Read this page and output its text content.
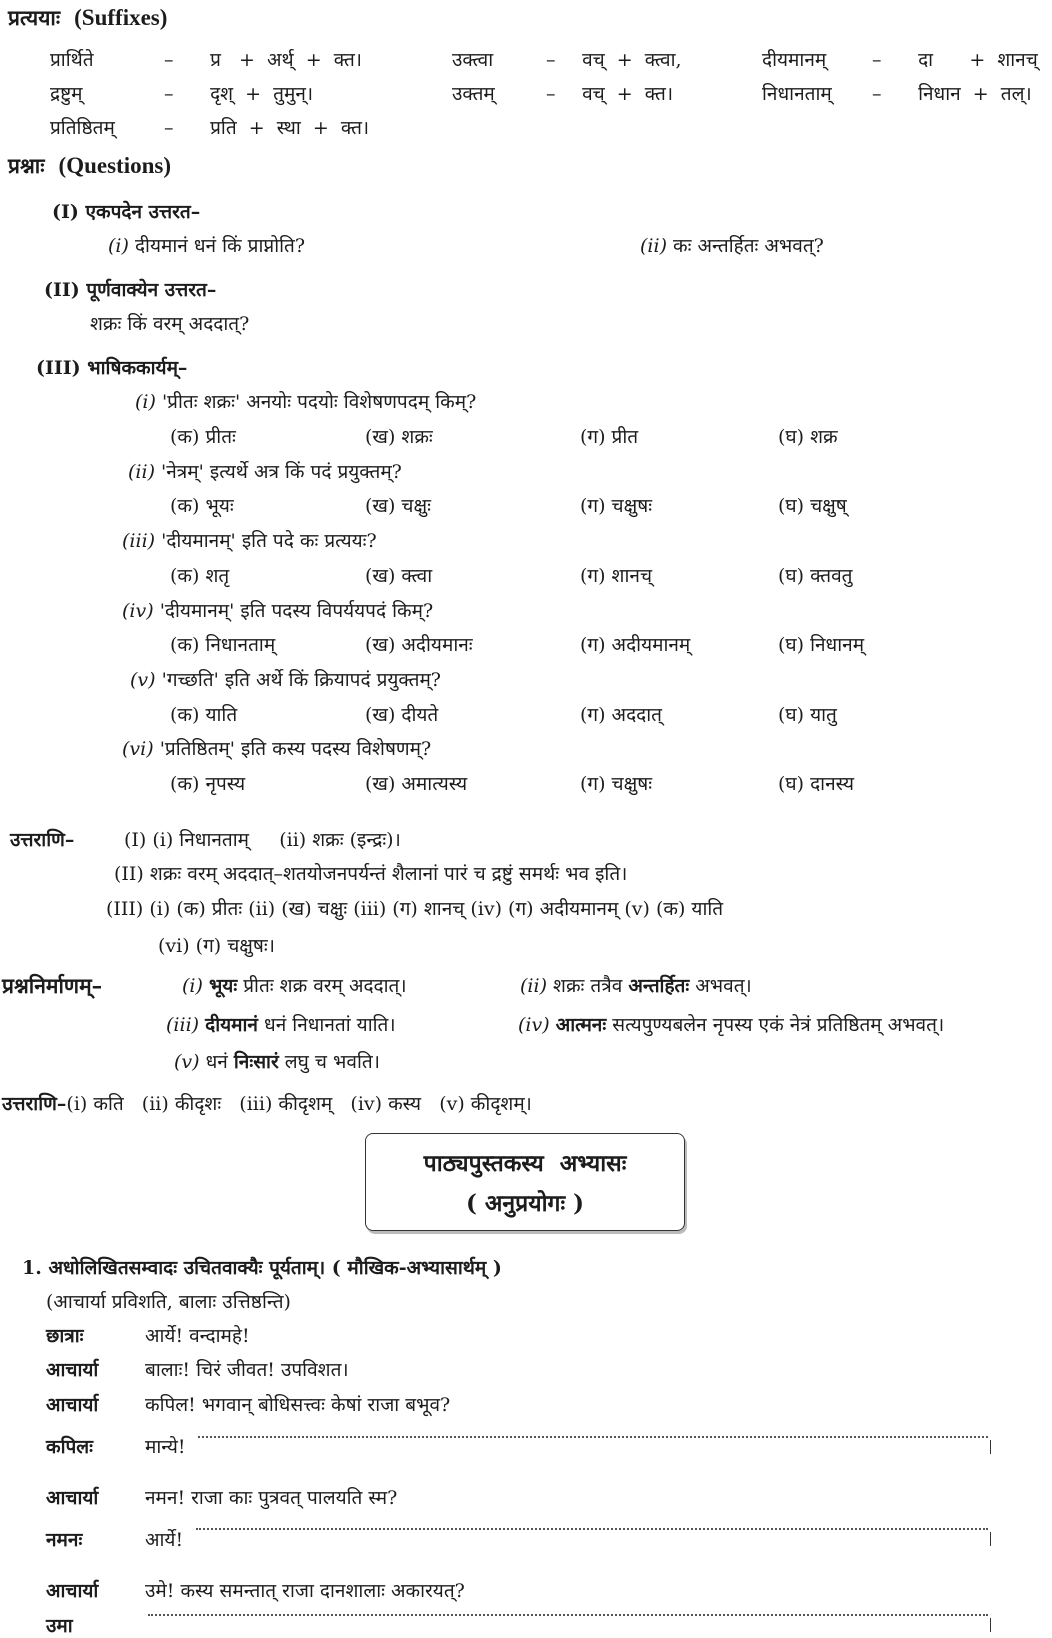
प्रत्ययाः (Suffixes)
प्रार्थिते	– प्र   +  अर्थ्  +  क्त।	उक्त्वा	– वच्  +  क्त्वा,	दीयमानम् – दा      +  शानच्
द्रष्टुम्	– दृश्  +  तुमुन्।	उक्तम्	– वच्  +  क्त।	निधानताम् – निधान  +  तल्।
प्रतिष्ठितम्	– प्रति  +  स्था  +  क्त।
प्रश्नाः (Questions)
(I) एकपदेन उत्तरत–
(i) दीयमानं धनं किं प्राप्नोति?	(ii) कः अन्तर्हितः अभवत्?
(II) पूर्णवाक्येन उत्तरत–
शक्रः किं वरम् अददात्?
(III) भाषिककार्यम्–
(i) 'प्रीतः शक्रः' अनयोः पदयोः विशेषणपदम् किम्?
(क) प्रीतः	(ख) शक्रः	(ग) प्रीत	(घ) शक्र
(ii) 'नेत्रम्' इत्यर्थे अत्र किं पदं प्रयुक्तम्?
(क) भूयः	(ख) चक्षुः	(ग) चक्षुषः	(घ) चक्षुष्
(iii) 'दीयमानम्' इति पदे कः प्रत्ययः?
(क) शतृ	(ख) क्त्वा	(ग) शानच्	(घ) क्तवतु
(iv) 'दीयमानम्' इति पदस्य विपर्ययपदं किम्?
(क) निधानताम्	(ख) अदीयमानः	(ग) अदीयमानम्	(घ) निधानम्
(v) 'गच्छति' इति अर्थे किं क्रियापदं प्रयुक्तम्?
(क) याति	(ख) दीयते	(ग) अददात्	(घ) यातु
(vi) 'प्रतिष्ठितम्' इति कस्य पदस्य विशेषणम्?
(क) नृपस्य	(ख) अमात्यस्य	(ग) चक्षुषः	(घ) दानस्य
उत्तराणि–	(I) (i) निधानताम्     (ii) शक्रः (इन्द्रः)।
(II) शक्रः वरम् अददात्–शतयोजनपर्यन्तं शैलानां पारं च द्रष्टुं समर्थः भव इति।
(III) (i) (क) प्रीतः (ii) (ख) चक्षुः (iii) (ग) शानच् (iv) (ग) अदीयमानम् (v) (क) याति
(vi) (ग) चक्षुषः।
प्रश्ननिर्माणम्–	(i) भूयः प्रीतः शक्र वरम् अददात्।	(ii) शक्रः तत्रैव अन्तर्हितः अभवत्।
(iii) दीयमानं धनं निधानतां याति।	(iv) आत्मनः सत्यपुण्यबलेन नृपस्य एकं नेत्रं प्रतिष्ठितम् अभवत्।
(v) धनं निःसारं लघु च भवति।
उत्तराणि–(i) कति   (ii) कीदृशः   (iii) कीदृशम्   (iv) कस्य   (v) कीदृशम्।
पाठ्यपुस्तकस्य  अभ्यासः
( अनुप्रयोगः )
1. अधोलिखितसम्वादः उचितवाक्यैः पूर्यताम्। ( मौखिक-अभ्यासार्थम् )
(आचार्या प्रविशति, बालाः उत्तिष्ठन्ति)
छात्राः	आर्ये! वन्दामहे!
आचार्या बालाः! चिरं जीवत! उपविशत।
आचार्या कपिल! भगवान् बोधिसत्त्वः केषां राजा बभूव?
कपिलः	मान्ये!
आचार्या नमन! राजा काः पुत्रवत् पालयति स्म?
नमनः	आर्ये!
आचार्या उमे! कस्य समन्तात् राजा दानशालाः अकारयत्?
उमा
